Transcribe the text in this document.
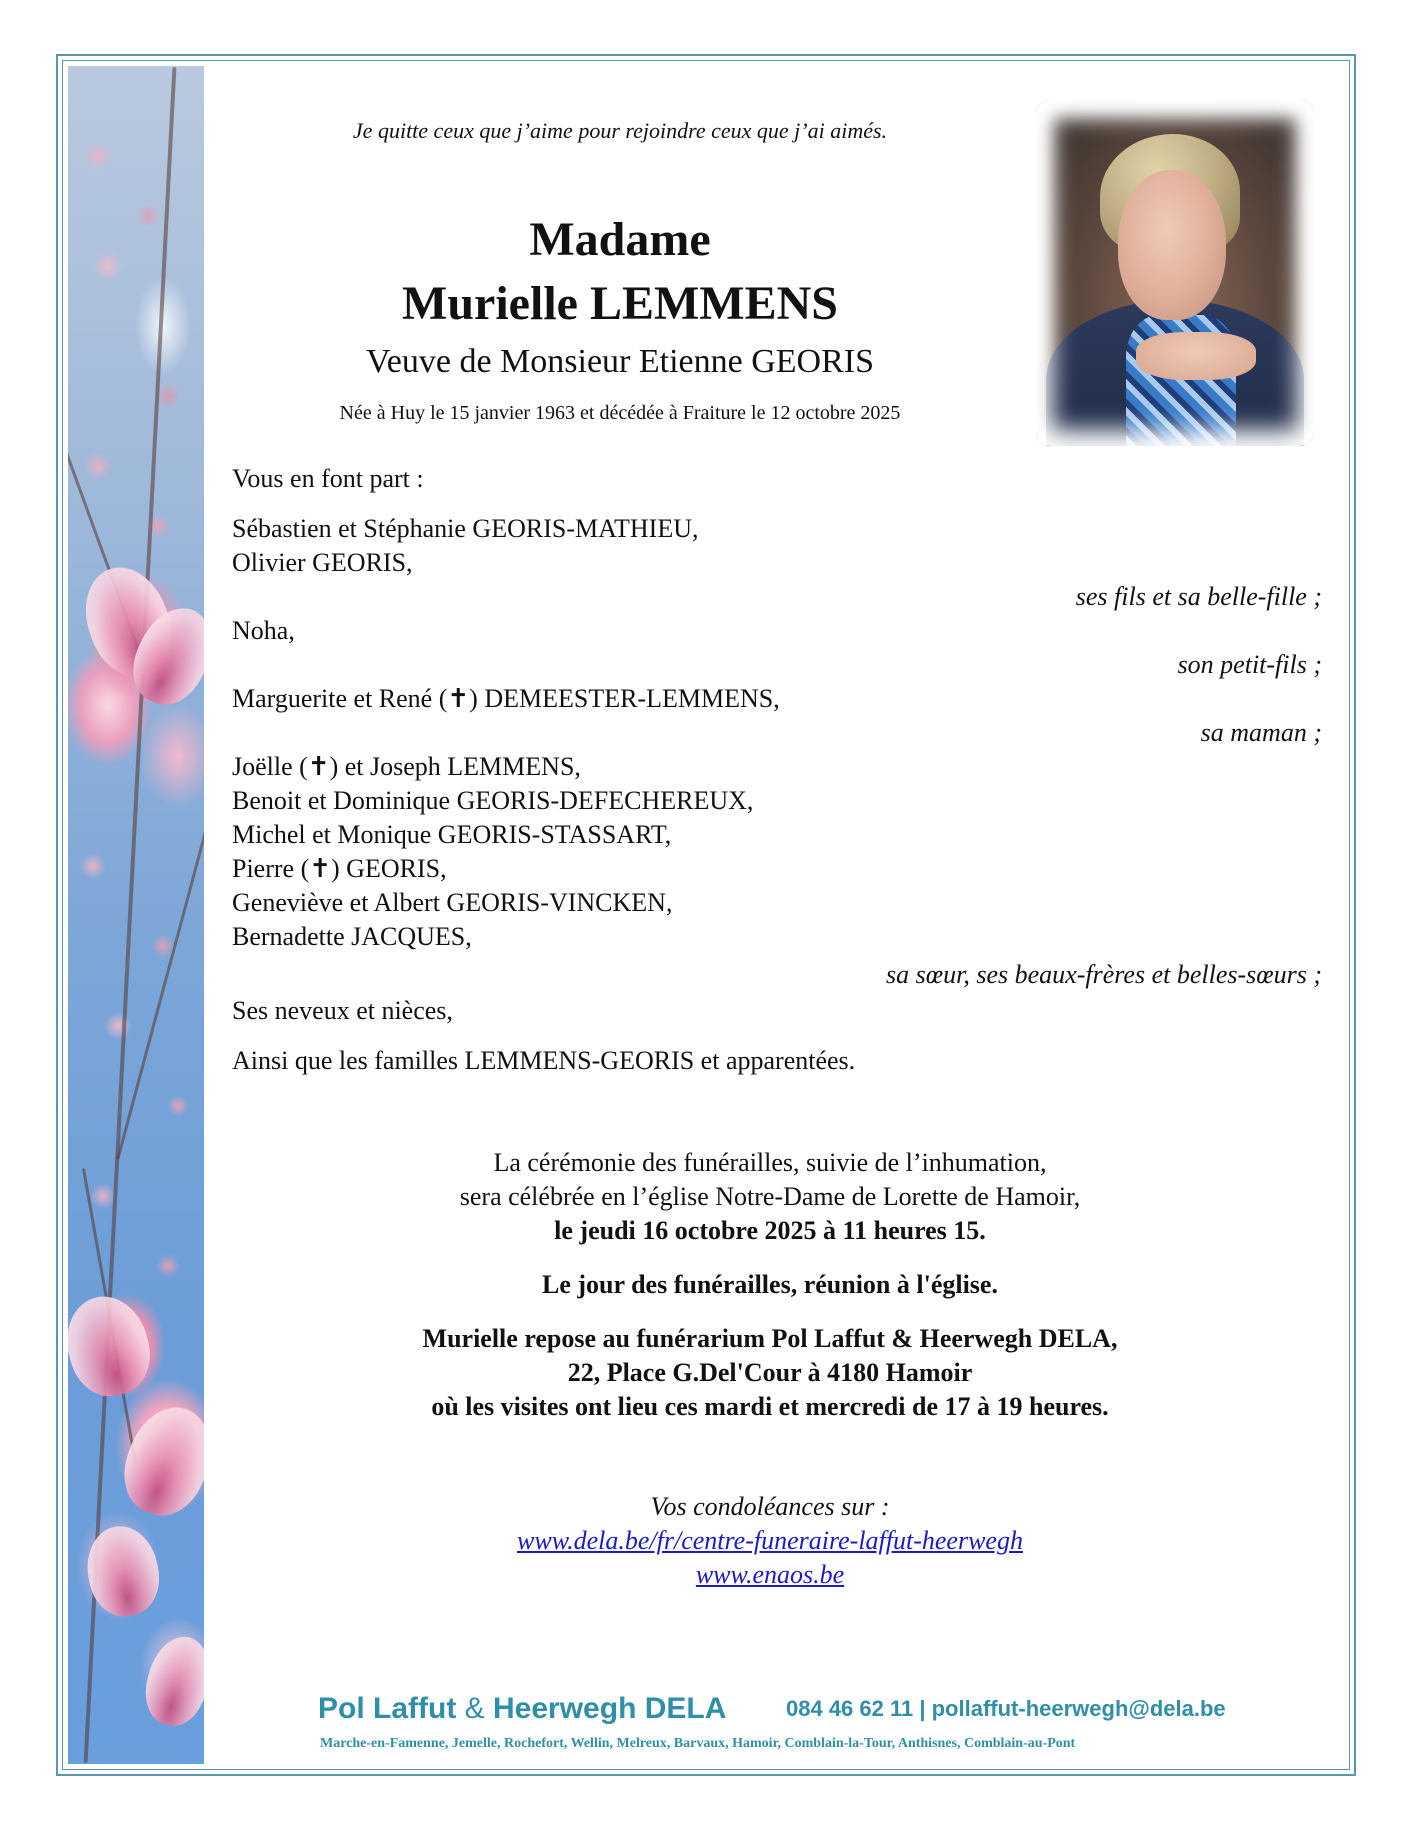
Je quitte ceux que j’aime pour rejoindre ceux que j’ai aimés.

Madame
Murielle LEMMENS

Veuve de Monsieur Etienne GEORIS

Née à Huy le 15 janvier 1963 et décédée à Fraiture le 12 octobre 2025

Vous en font part :

Sébastien et Stéphanie GEORIS-MATHIEU,

Olivier GEORIS,

ses fils et sa belle-fille ;

Noha,

son petit-fils ;

Marguerite et René (✝) DEMEESTER-LEMMENS,

sa maman ;

Joëlle (✝) et Joseph LEMMENS,

Benoit et Dominique GEORIS-DEFECHEREUX,

Michel et Monique GEORIS-STASSART,

Pierre (✝) GEORIS,

Geneviève et Albert GEORIS-VINCKEN,

Bernadette JACQUES,

sa sœur, ses beaux-frères et belles-sœurs ;

Ses neveux et nièces,

Ainsi que les familles LEMMENS-GEORIS et apparentées.

La cérémonie des funérailles, suivie de l’inhumation,

sera célébrée en l’église Notre-Dame de Lorette de Hamoir,

le jeudi 16 octobre 2025 à 11 heures 15.

Le jour des funérailles, réunion à l'église.

Murielle repose au funérarium Pol Laffut & Heerwegh DELA,

22, Place G.Del'Cour à 4180 Hamoir

où les visites ont lieu ces mardi et mercredi de 17 à 19 heures.

Vos condoléances sur :

www.dela.be/fr/centre-funeraire-laffut-heerwegh

www.enaos.be

Pol Laffut & Heerwegh DELA	084 46 62 11 | pollaffut-heerwegh@dela.be
Marche-en-Famenne, Jemelle, Rochefort, Wellin, Melreux, Barvaux, Hamoir, Comblain-la-Tour, Anthisnes, Comblain-au-Pont
